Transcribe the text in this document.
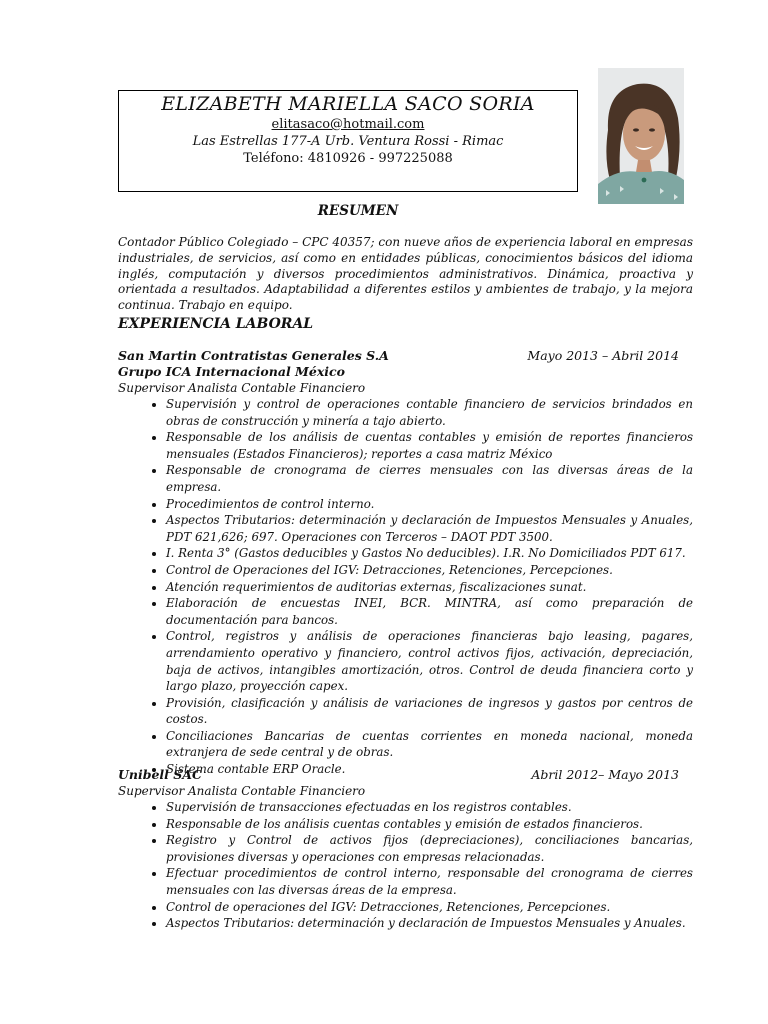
ELIZABETH MARIELLA SACO SORIA
elitasaco@hotmail.com
Las Estrellas 177-A Urb. Ventura Rossi - Rimac
Teléfono: 4810926 - 997225088
RESUMEN
Contador Público Colegiado – CPC 40357; con nueve años de experiencia laboral en empresas industriales, de servicios, así como en entidades públicas, conocimientos básicos del idioma inglés, computación y diversos procedimientos administrativos. Dinámica, proactiva y orientada a resultados. Adaptabilidad a diferentes estilos y ambientes de trabajo, y la mejora continua. Trabajo en equipo.
EXPERIENCIA LABORAL
San Martin Contratistas Generales S.A	Mayo 2013 – Abril 2014
Grupo ICA Internacional México
Supervisor Analista Contable Financiero
• Supervisión y control de operaciones contable financiero de servicios brindados en obras de construcción y minería a tajo abierto.
• Responsable de los análisis de cuentas contables y emisión de reportes financieros mensuales (Estados Financieros); reportes a casa matriz México
• Responsable de cronograma de cierres mensuales con las diversas áreas de la empresa.
• Procedimientos de control interno.
• Aspectos Tributarios: determinación y declaración de Impuestos Mensuales y Anuales, PDT 621,626; 697. Operaciones con Terceros – DAOT PDT 3500.
• I. Renta 3° (Gastos deducibles y Gastos No deducibles). I.R. No Domiciliados PDT 617.
• Control de Operaciones del IGV: Detracciones, Retenciones, Percepciones.
• Atención requerimientos de auditorias externas, fiscalizaciones sunat.
• Elaboración de encuestas INEI, BCR. MINTRA, así como preparación de documentación para bancos.
• Control, registros y análisis de operaciones financieras bajo leasing, pagares, arrendamiento operativo y financiero, control activos fijos, activación, depreciación, baja de activos, intangibles amortización, otros. Control de deuda financiera corto y largo plazo, proyección capex.
• Provisión, clasificación y análisis de variaciones de ingresos y gastos por centros de costos.
• Conciliaciones Bancarias de cuentas corrientes en moneda nacional, moneda extranjera de sede central y de obras.
• Sistema contable ERP Oracle.
Unibell SAC	Abril 2012– Mayo 2013
Supervisor Analista Contable Financiero
• Supervisión de transacciones efectuadas en los registros contables.
• Responsable de los análisis cuentas contables y emisión de estados financieros.
• Registro y Control de activos fijos (depreciaciones), conciliaciones bancarias, provisiones diversas y operaciones con empresas relacionadas.
• Efectuar procedimientos de control interno, responsable del cronograma de cierres mensuales con las diversas áreas de la empresa.
• Control de operaciones del IGV: Detracciones, Retenciones, Percepciones.
• Aspectos Tributarios: determinación y declaración de Impuestos Mensuales y Anuales.
